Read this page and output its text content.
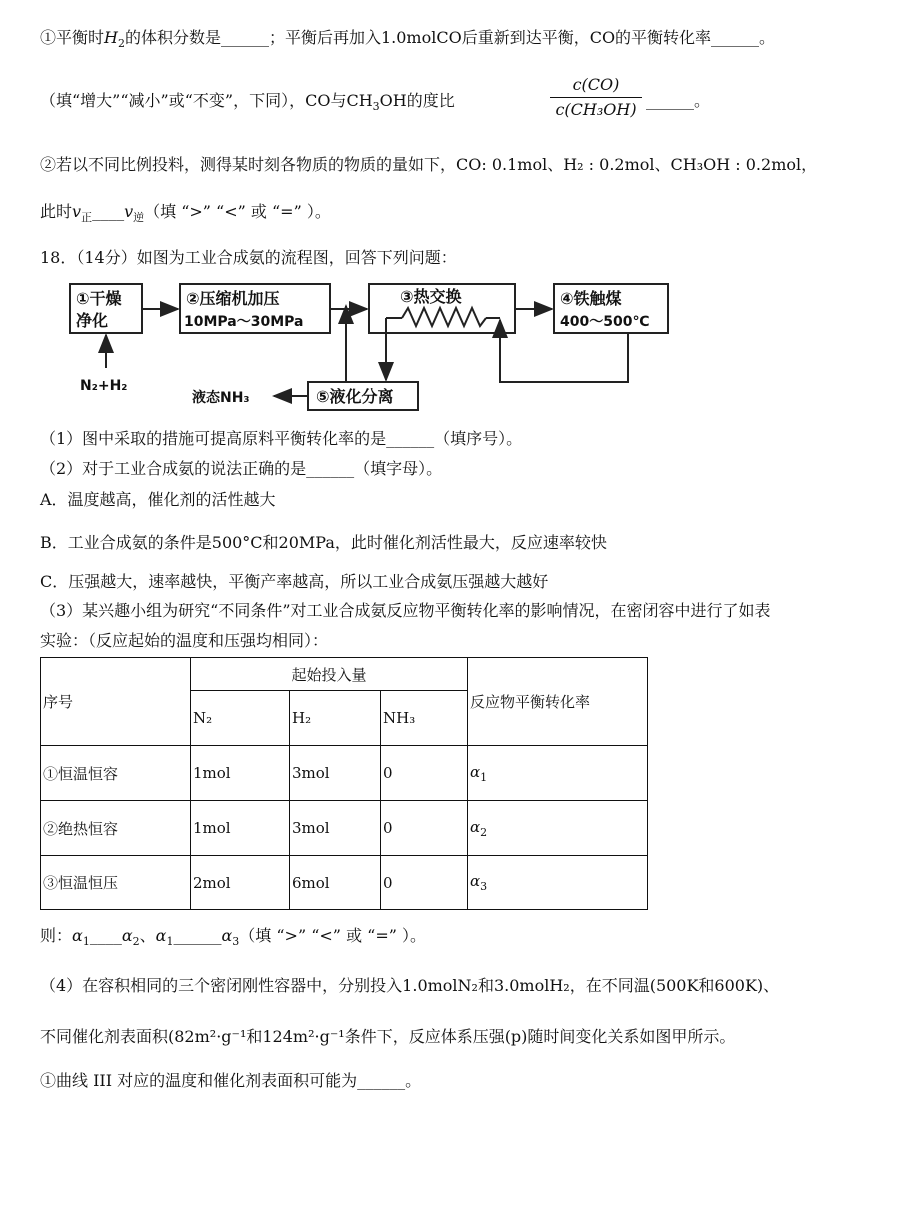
①平衡时$H_2$的体积分数是______；平衡后再加入1.0molCO后重新到达平衡，CO的平衡转化率______。
（填“增大”“减小”或“不变”，下同），CO与$CH_3OH$的度比
c(CO)
c(CH₃OH) ______。
②若以不同比例投料，测得某时刻各物质的物质的量如下，CO: 0.1mol、H₂ : 0.2mol、CH₃OH : 0.2mol，
此时$v_正\_\_\_\_v_逆$（填 “>” “<” 或 “=” ）。
18．（14分）如图为工业合成氨的流程图，回答下列问题：
①干燥
净化
②压缩机加压
10MPa～30MPa
③热交换	④铁触煤
400～500℃
⑤液化分离
N₂+H₂
液态NH₃
（1）图中采取的措施可提高原料平衡转化率的是______（填序号）。
（2）对于工业合成氨的说法正确的是______（填字母）。
A．温度越高，催化剂的活性越大
B．工业合成氨的条件是500°C和20MPa，此时催化剂活性最大，反应速率较快
C．压强越大，速率越快，平衡产率越高，所以工业合成氨压强越大越好
（3）某兴趣小组为研究“不同条件”对工业合成氨反应物平衡转化率的影响情况，在密闭容中进行了如表
实验：（反应起始的温度和压强均相同）：
序号	起始投入量			反应物平衡转化率
	N₂	H₂	NH₃	
①恒温恒容	1mol	3mol	0	$\alpha_1$
②绝热恒容	1mol	3mol	0	$\alpha_2$
③恒温恒压	2mol	6mol	0	$\alpha_3$
则：$\alpha_1\_\_\_\_\alpha_2$、$\alpha_1\_\_\_\_\_\_\alpha_3$（填 “>” “<” 或 “=” ）。
（4）在容积相同的三个密闭刚性容器中，分别投入1.0molN₂和3.0molH₂，在不同温(500K和600K)、
不同催化剂表面积(82m²·g⁻¹和124m²·g⁻¹条件下，反应体系压强(p)随时间变化关系如图甲所示。
①曲线 III 对应的温度和催化剂表面积可能为______。
